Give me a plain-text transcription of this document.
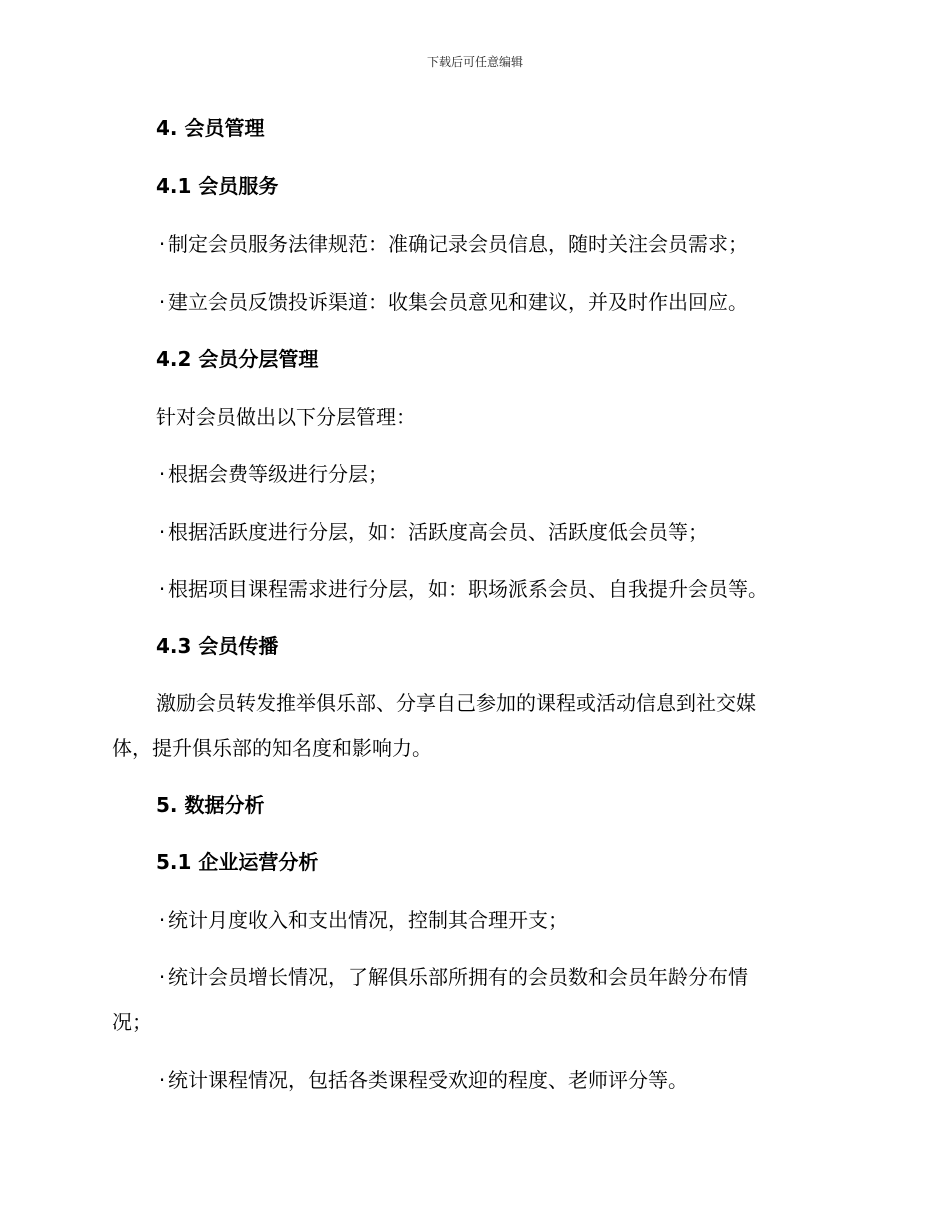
下载后可任意编辑
4. 会员管理
4.1 会员服务
· 制定会员服务法律规范：准确记录会员信息，随时关注会员需求；
· 建立会员反馈投诉渠道：收集会员意见和建议，并及时作出回应。
4.2 会员分层管理
针对会员做出以下分层管理：
· 根据会费等级进行分层；
· 根据活跃度进行分层，如：活跃度高会员、活跃度低会员等；
· 根据项目课程需求进行分层，如：职场派系会员、自我提升会员等。
4.3 会员传播
激励会员转发推举俱乐部、分享自己参加的课程或活动信息到社交媒
体，提升俱乐部的知名度和影响力。
5. 数据分析
5.1 企业运营分析
· 统计月度收入和支出情况，控制其合理开支；
· 统计会员增长情况，了解俱乐部所拥有的会员数和会员年龄分布情
况；
· 统计课程情况，包括各类课程受欢迎的程度、老师评分等。
